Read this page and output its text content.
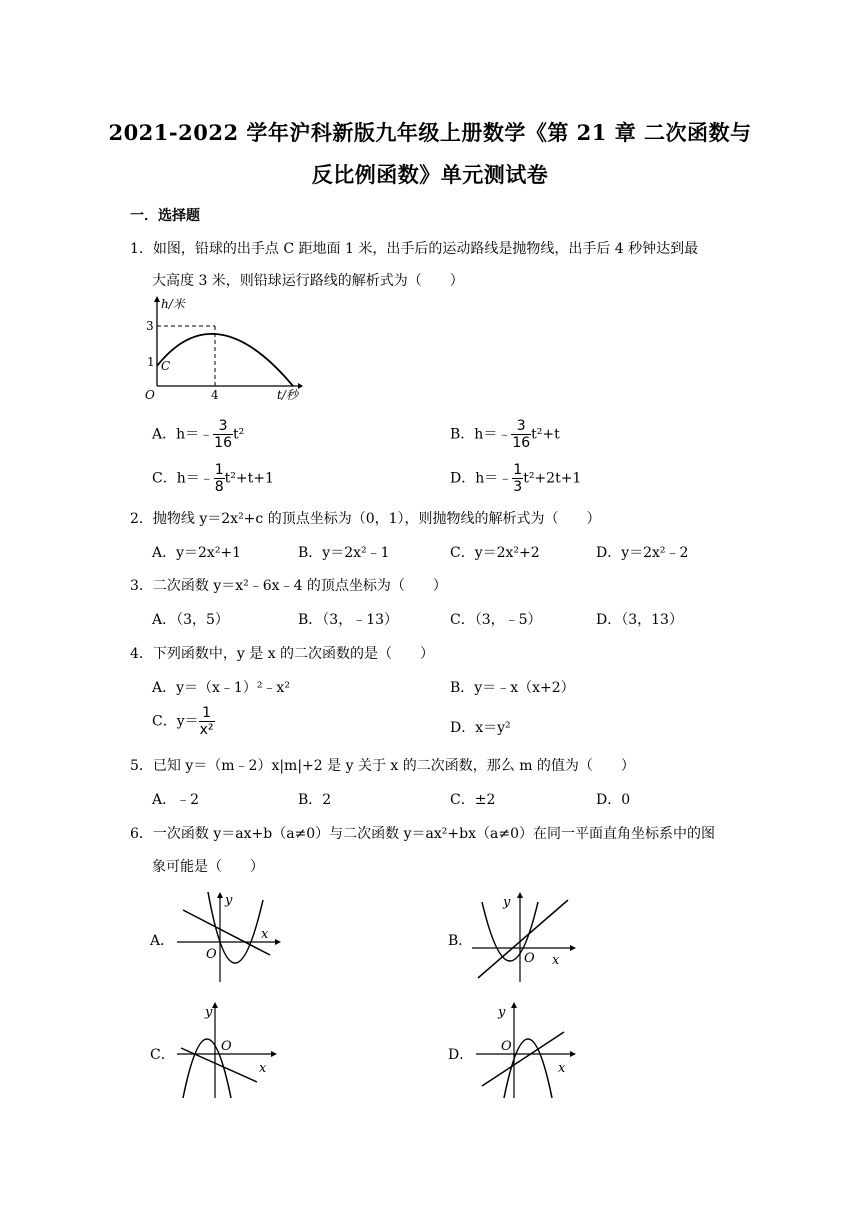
2021-2022 学年沪科新版九年级上册数学《第 21 章 二次函数与
反比例函数》单元测试卷
一．选择题
1．如图，铅球的出手点 C 距地面 1 米，出手后的运动路线是抛物线，出手后 4 秒钟达到最
大高度 3 米，则铅球运行路线的解析式为（　　）
h/米
3
1 C
O	4	t/秒
A．h＝﹣ $\frac{3}{16} t^2$	B．h＝﹣ $\frac{3}{16} t^2+t$
C．h＝﹣ $\frac{1}{8} t^2+t+1$	D．h＝﹣ $\frac{1}{3} t^2+2t+1$
2．抛物线 y＝2x²+c 的顶点坐标为（0，1），则抛物线的解析式为（　　）
A．y＝2x²+1	B．y＝2x²﹣1	C．y＝2x²+2	D．y＝2x²﹣2
3．二次函数 y＝x²﹣6x﹣4 的顶点坐标为（　　）
A．（3，5）	B．（3，﹣13）	C．（3，﹣5）	D．（3，13）
4．下列函数中，y 是 x 的二次函数的是（　　）
A．y＝（x﹣1）²﹣x²	B．y＝﹣x（x+2）
C．$y= \frac{1}{\text{x²}}$	D．x＝y²
5．已知 y＝（m﹣2）x|m|+2 是 y 关于 x 的二次函数，那么 m 的值为（　　）
A．﹣2	B．2	C．±2	D．0
6．一次函数 y＝ax+b（a≠0）与二次函数 y＝ax²+bx（a≠0）在同一平面直角坐标系中的图
象可能是（　　）
A．
y
x
O
B．
y
x
O
C．
y
x
O
D．
y
x
O
